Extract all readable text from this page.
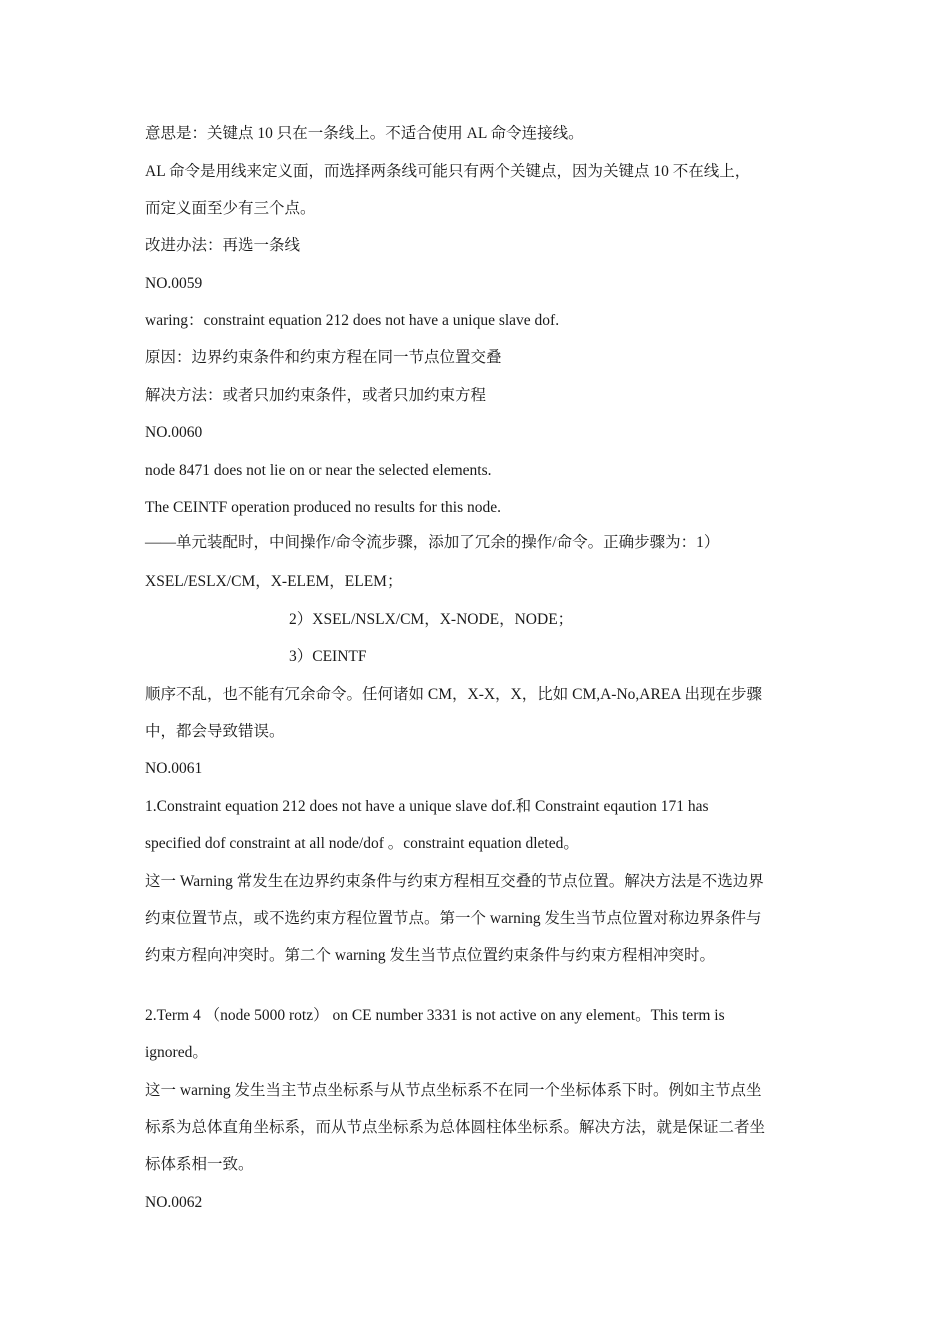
意思是：关键点 10 只在一条线上。不适合使用 AL 命令连接线。
AL 命令是用线来定义面，而选择两条线可能只有两个关键点，因为关键点 10 不在线上，
而定义面至少有三个点。
改进办法：再选一条线
NO.0059
waring：constraint equation 212 does not have a unique slave dof.
原因：边界约束条件和约束方程在同一节点位置交叠
解决方法：或者只加约束条件，或者只加约束方程
NO.0060
node 8471 does not lie on or near the selected elements.
The CEINTF operation produced no results for this node.
——单元装配时，中间操作/命令流步骤，添加了冗余的操作/命令。正确步骤为：1）
XSEL/ESLX/CM，X-ELEM，ELEM；
2）XSEL/NSLX/CM，X-NODE，NODE；
3）CEINTF
顺序不乱，也不能有冗余命令。任何诸如 CM，X-X，X，比如 CM,A-No,AREA 出现在步骤
中，都会导致错误。
NO.0061
1.Constraint equation 212 does not have a unique slave dof.和 Constraint eqaution 171 has
specified dof constraint at all node/dof 。constraint equation dleted。
这一 Warning 常发生在边界约束条件与约束方程相互交叠的节点位置。解决方法是不选边界
约束位置节点，或不选约束方程位置节点。第一个 warning 发生当节点位置对称边界条件与
约束方程向冲突时。第二个 warning 发生当节点位置约束条件与约束方程相冲突时。
2.Term 4 （node 5000 rotz） on CE number 3331 is not active on any element。This term is
ignored。
这一 warning 发生当主节点坐标系与从节点坐标系不在同一个坐标体系下时。例如主节点坐
标系为总体直角坐标系，而从节点坐标系为总体圆柱体坐标系。解决方法，就是保证二者坐
标体系相一致。
NO.0062
